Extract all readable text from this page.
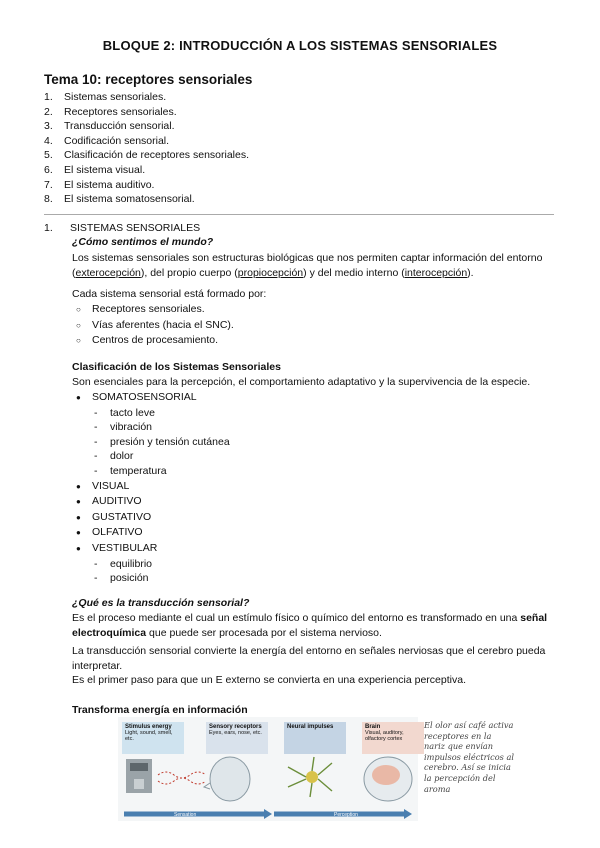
BLOQUE 2: INTRODUCCIÓN A LOS SISTEMAS SENSORIALES
Tema 10: receptores sensoriales
1. Sistemas sensoriales.
2. Receptores sensoriales.
3. Transducción sensorial.
4. Codificación sensorial.
5. Clasificación de receptores sensoriales.
6. El sistema visual.
7. El sistema auditivo.
8. El sistema somatosensorial.
1. SISTEMAS SENSORIALES
¿Cómo sentimos el mundo?
Los sistemas sensoriales son estructuras biológicas que nos permiten captar información del entorno (exterocepción), del propio cuerpo (propiocepción) y del medio interno (interocepción).
Cada sistema sensorial está formado por:
○ Receptores sensoriales.
○ Vías aferentes (hacia el SNC).
○ Centros de procesamiento.
Clasificación de los Sistemas Sensoriales
Son esenciales para la percepción, el comportamiento adaptativo y la supervivencia de la especie.
● SOMATOSENSORIAL
- tacto leve
- vibración
- presión y tensión cutánea
- dolor
- temperatura
● VISUAL
● AUDITIVO
● GUSTATIVO
● OLFATIVO
● VESTIBULAR
- equilibrio
- posición
¿Qué es la transducción sensorial?
Es el proceso mediante el cual un estímulo físico o químico del entorno es transformado en una señal electroquímica que puede ser procesada por el sistema nervioso.
La transducción sensorial convierte la energía del entorno en señales nerviosas que el cerebro pueda interpretar.
Es el primer paso para que un E externo se convierta en una experiencia perceptiva.
Transforma energía en información
Stimulus energy
Light, sound, smell, etc.
Sensory receptors
Eyes, ears, nose, etc.
Neural impulses	Brain
Visual, auditory, olfactory cortex
Sensation	Perception
El olor así café activa receptores en la nariz que envían impulsos eléctricos al cerebro. Así se inicia la percepción del aroma
